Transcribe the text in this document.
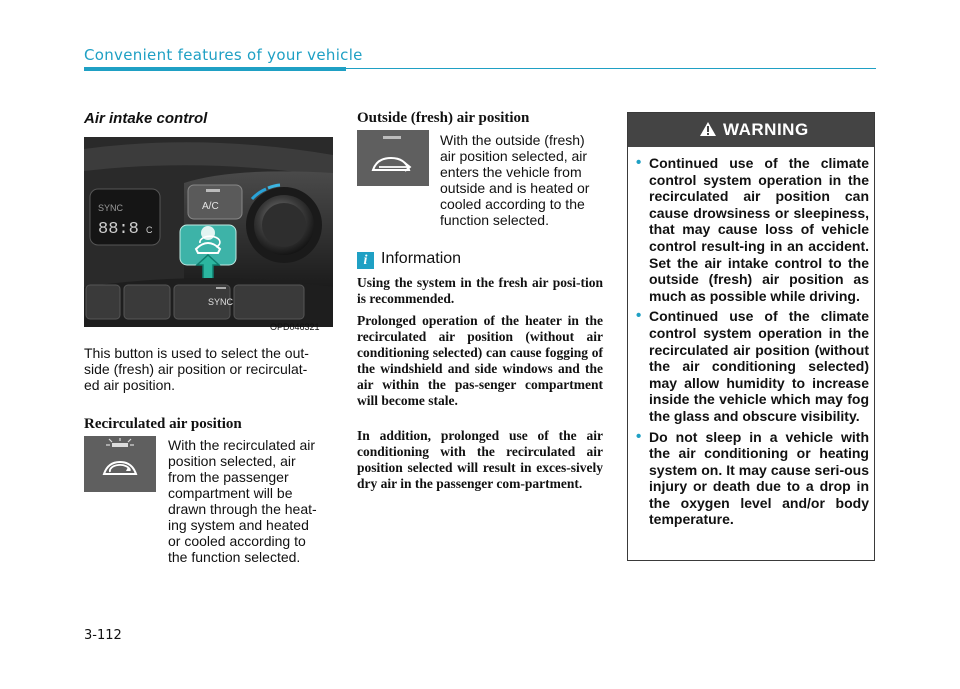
Convenient features of your vehicle
Air intake control
SYNC
88:8 C
A/C
SYNC
OPD046321
This button is used to select the out-
side (fresh) air position or recirculat-
ed air position.
Recirculated air position
With the recirculated air
position selected, air
from the passenger
compartment will be
drawn through the heat-
ing system and heated
or cooled according to
the function selected.
Outside (fresh) air position
With the outside (fresh)
air position selected, air
enters the vehicle from
outside and is heated or
cooled according to the
function selected.
i Information
Using the system in the fresh air posi-tion is recommended.
Prolonged operation of the heater in the recirculated air position (without air conditioning selected) can cause fogging of the windshield and side windows and the air within the pas-senger compartment will become stale.
In addition, prolonged use of the air conditioning with the recirculated air position selected will result in exces-sively dry air in the passenger com-partment.
WARNING
• Continued use of the climate control system operation in the recirculated air position can cause drowsiness or sleepiness, that may cause loss of vehicle control result-ing in an accident. Set the air intake control to the outside (fresh) air position as much as possible while driving.
• Continued use of the climate control system operation in the recirculated air position (without the air conditioning selected) may allow humidity to increase inside the vehicle which may fog the glass and obscure visibility.
• Do not sleep in a vehicle with the air conditioning or heating system on. It may cause seri-ous injury or death due to a drop in the oxygen level and/or body temperature.
3-112
